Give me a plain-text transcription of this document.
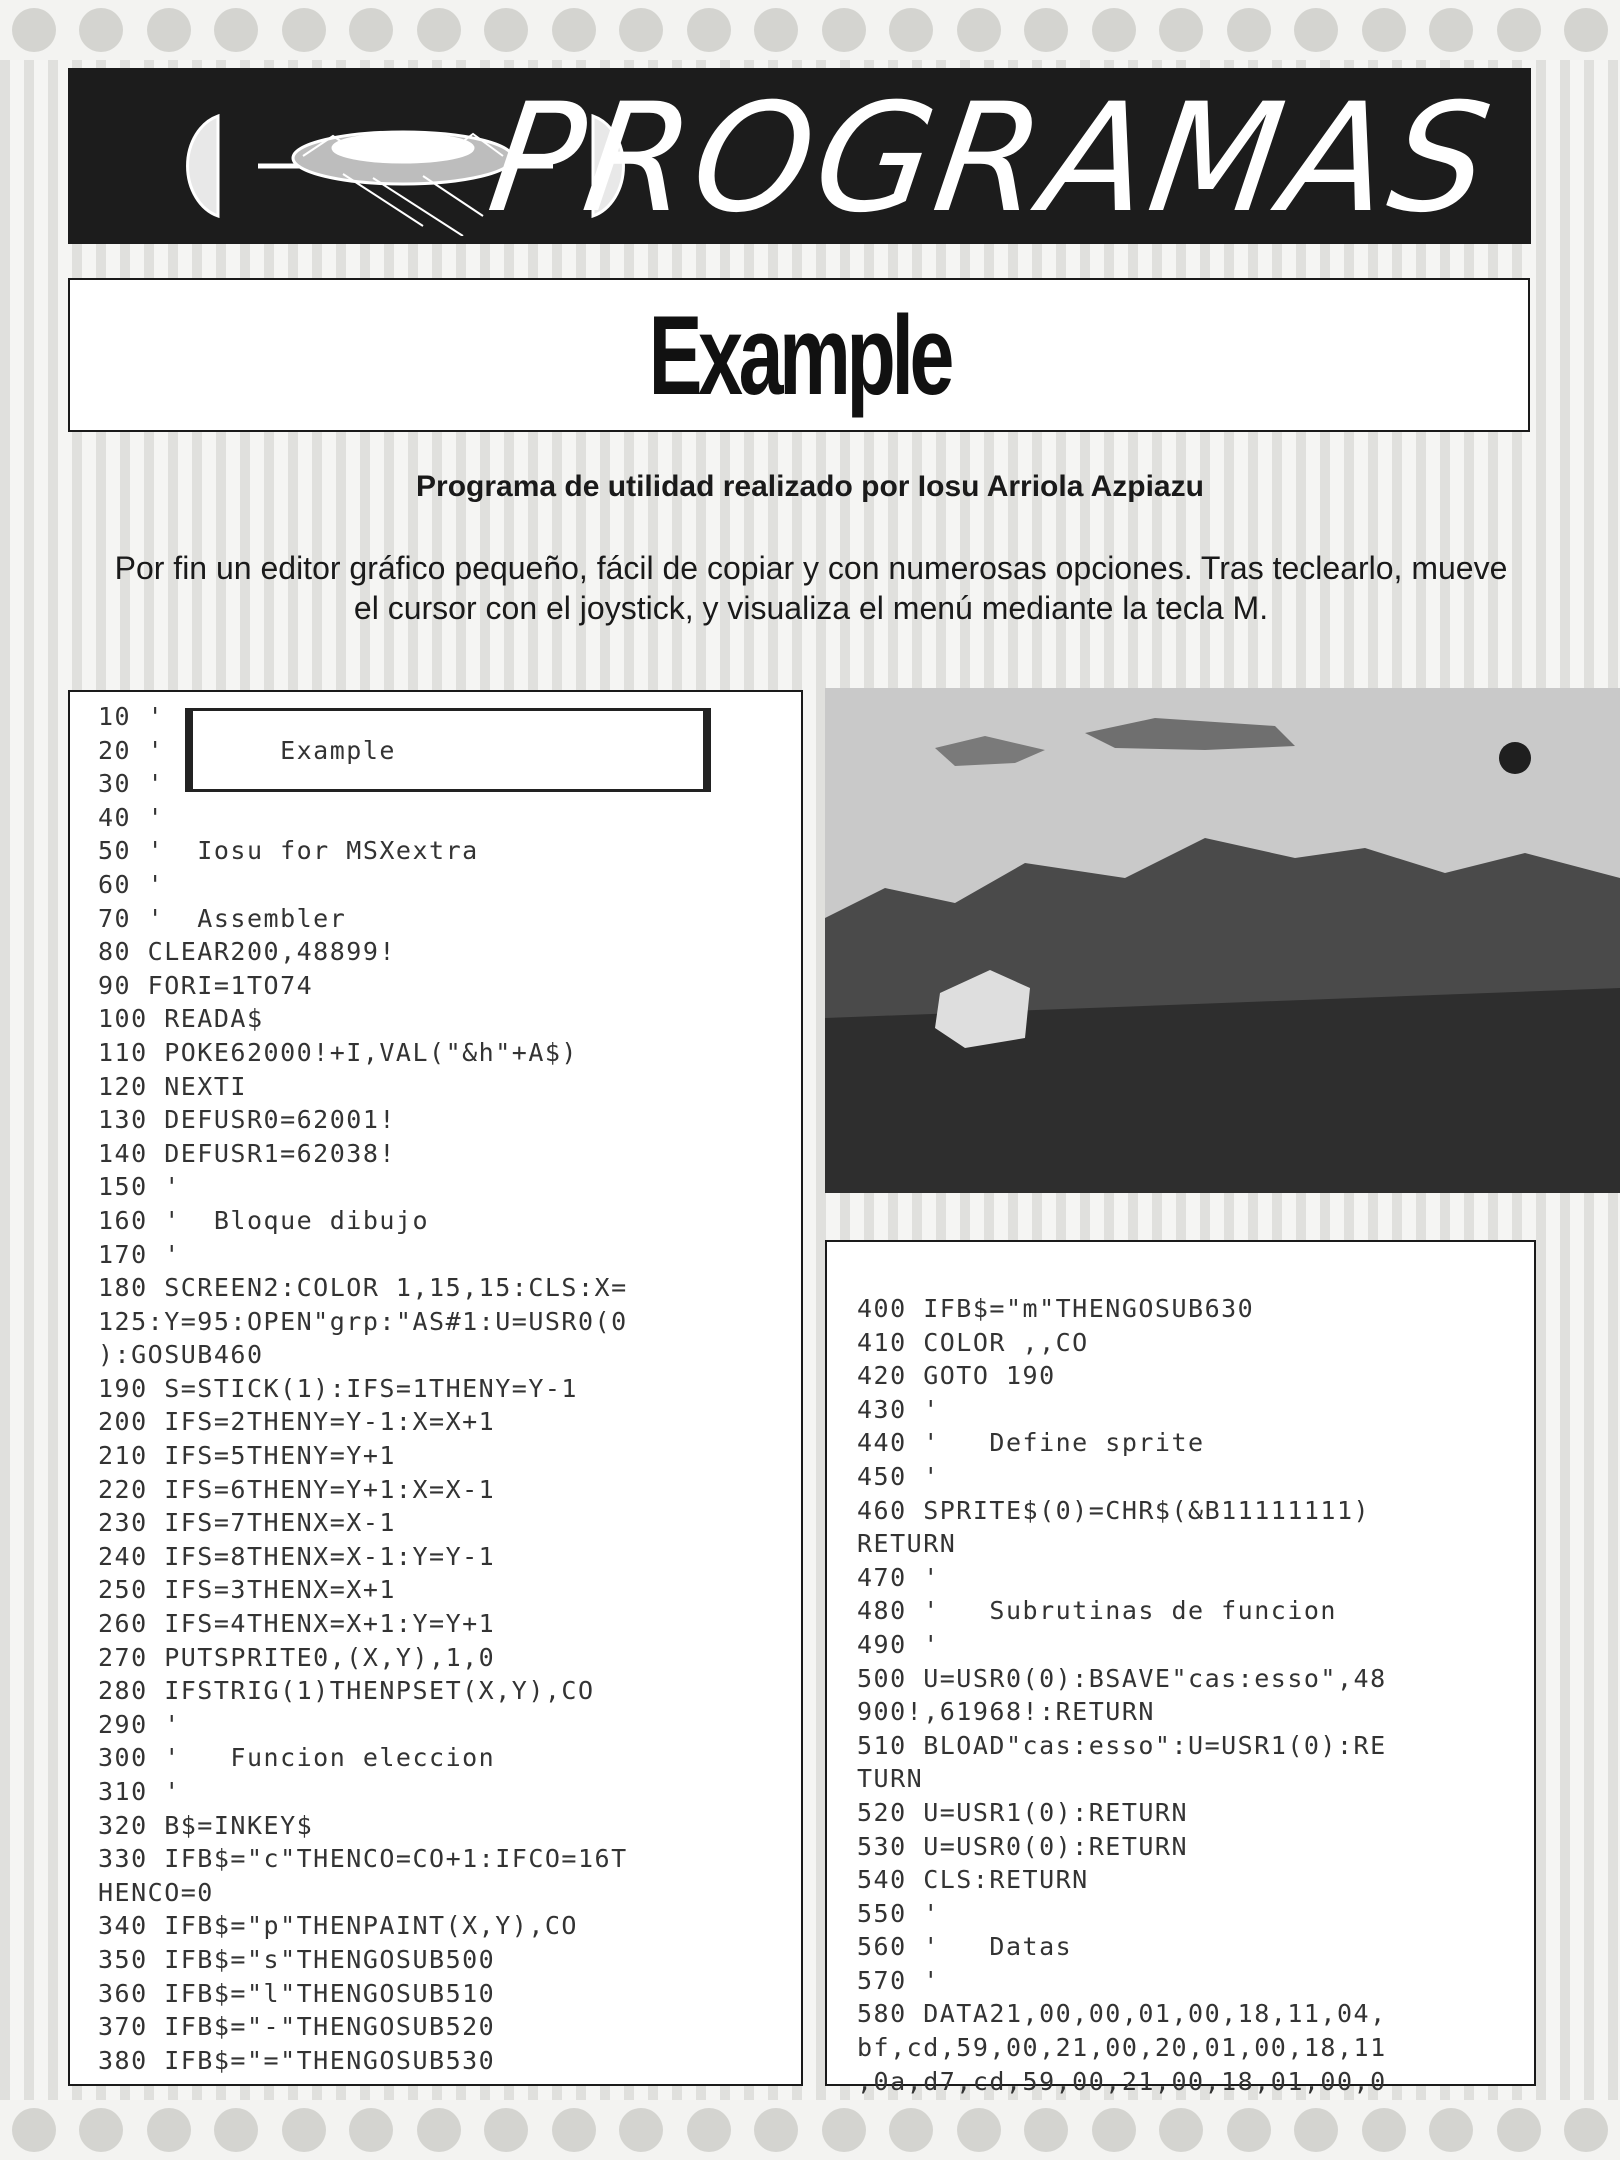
PROGRAMAS
Example
Programa de utilidad realizado por Iosu Arriola Azpiazu
Por fin un editor gráfico pequeño, fácil de copiar y con numerosas opciones. Tras teclearlo, mueve
el cursor con el joystick, y visualiza el menú mediante la tecla M.
10 '
20 '       Example
30 '
40 '
50 '  Iosu for MSXextra
60 '
70 '  Assembler
80 CLEAR200,48899!
90 FORI=1TO74
100 READA$
110 POKE62000!+I,VAL("&h"+A$)
120 NEXTI
130 DEFUSR0=62001!
140 DEFUSR1=62038!
150 '
160 '  Bloque dibujo
170 '
180 SCREEN2:COLOR 1,15,15:CLS:X=
125:Y=95:OPEN"grp:"AS#1:U=USR0(0
):GOSUB460
190 S=STICK(1):IFS=1THENY=Y-1
200 IFS=2THENY=Y-1:X=X+1
210 IFS=5THENY=Y+1
220 IFS=6THENY=Y+1:X=X-1
230 IFS=7THENX=X-1
240 IFS=8THENX=X-1:Y=Y-1
250 IFS=3THENX=X+1
260 IFS=4THENX=X+1:Y=Y+1
270 PUTSPRITE0,(X,Y),1,0
280 IFSTRIG(1)THENPSET(X,Y),CO
290 '
300 '   Funcion eleccion
310 '
320 B$=INKEY$
330 IFB$="c"THENCO=CO+1:IFCO=16T
HENCO=0
340 IFB$="p"THENPAINT(X,Y),CO
350 IFB$="s"THENGOSUB500
360 IFB$="l"THENGOSUB510
370 IFB$="-"THENGOSUB520
380 IFB$="="THENGOSUB530
400 IFB$="m"THENGOSUB630
410 COLOR ,,CO
420 GOTO 190
430 '
440 '   Define sprite
450 '
460 SPRITE$(0)=CHR$(&B11111111)
RETURN
470 '
480 '   Subrutinas de funcion
490 '
500 U=USR0(0):BSAVE"cas:esso",48
900!,61968!:RETURN
510 BLOAD"cas:esso":U=USR1(0):RE
TURN
520 U=USR1(0):RETURN
530 U=USR0(0):RETURN
540 CLS:RETURN
550 '
560 '   Datas
570 '
580 DATA21,00,00,01,00,18,11,04,
bf,cd,59,00,21,00,20,01,00,18,11
,0a,d7,cd,59,00,21,00,18,01,00,0
